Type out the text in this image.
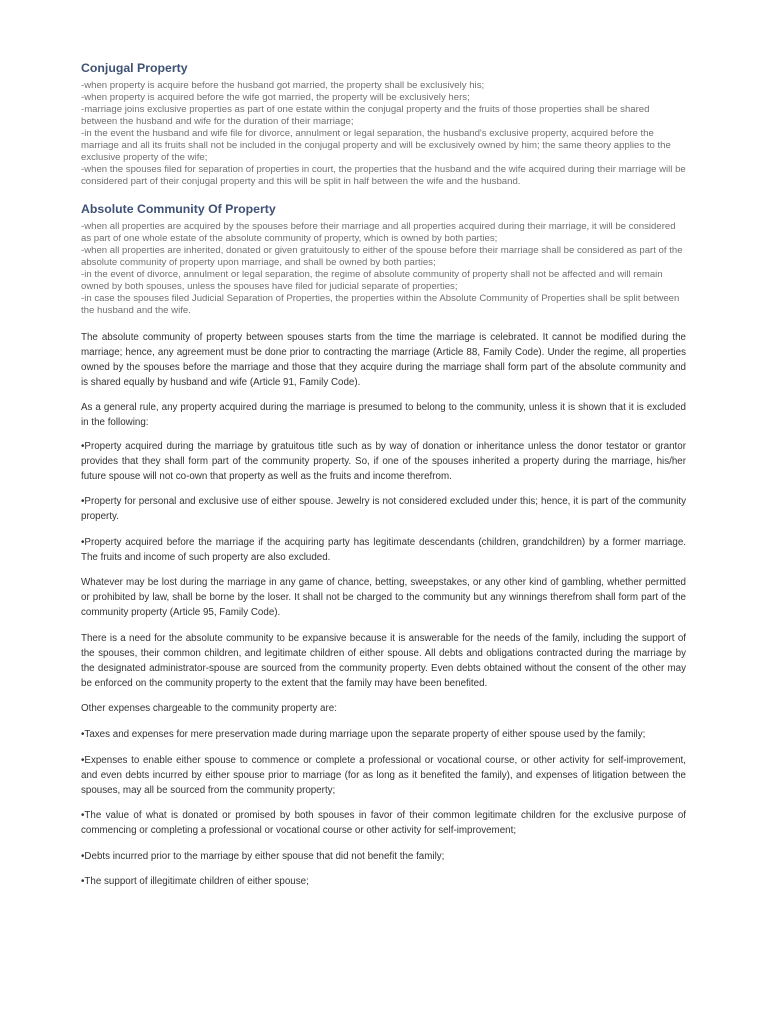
Conjugal Property
-when property is acquire before the husband got married, the property shall be exclusively his;
-when property is acquired before the wife got married, the property will be exclusively hers;
-marriage joins exclusive properties as part of one estate within the conjugal property and the fruits of those properties shall be shared between the husband and wife for the duration of their marriage;
-in the event the husband and wife file for divorce, annulment or legal separation, the husband's exclusive property, acquired before the marriage and all its fruits shall not be included in the conjugal property and will be exclusively owned by him; the same theory applies to the exclusive property of the wife;
-when the spouses filed for separation of properties in court, the properties that the husband and the wife acquired during their marriage will be considered part of their conjugal property and this will be split in half between the wife and the husband.
Absolute Community Of Property
-when all properties are acquired by the spouses before their marriage and all properties acquired during their marriage, it will be considered as part of one whole estate of the absolute community of property, which is owned by both parties;
-when all properties are inherited, donated or given gratuitously to either of the spouse before their marriage shall be considered as part of the absolute community of property upon marriage, and shall be owned by both parties;
-in the event of divorce, annulment or legal separation, the regime of absolute community of property shall not be affected and will remain owned by both spouses, unless the spouses have filed for judicial separate of properties;
-in case the spouses filed Judicial Separation of Properties, the properties within the Absolute Community of Properties shall be split between the husband and the wife.

The absolute community of property between spouses starts from the time the marriage is celebrated. It cannot be modified during the marriage; hence, any agreement must be done prior to contracting the marriage (Article 88, Family Code). Under the regime, all properties owned by the spouses before the marriage and those that they acquire during the marriage shall form part of the absolute community and is shared equally by husband and wife (Article 91, Family Code).

As a general rule, any property acquired during the marriage is presumed to belong to the community, unless it is shown that it is excluded in the following:

•Property acquired during the marriage by gratuitous title such as by way of donation or inheritance unless the donor testator or grantor provides that they shall form part of the community property. So, if one of the spouses inherited a property during the marriage, his/her future spouse will not co-own that property as well as the fruits and income therefrom.

•Property for personal and exclusive use of either spouse. Jewelry is not considered excluded under this; hence, it is part of the community property.

•Property acquired before the marriage if the acquiring party has legitimate descendants (children, grandchildren) by a former marriage. The fruits and income of such property are also excluded.

Whatever may be lost during the marriage in any game of chance, betting, sweepstakes, or any other kind of gambling, whether permitted or prohibited by law, shall be borne by the loser. It shall not be charged to the community but any winnings therefrom shall form part of the community property (Article 95, Family Code).

There is a need for the absolute community to be expansive because it is answerable for the needs of the family, including the support of the spouses, their common children, and legitimate children of either spouse. All debts and obligations contracted during the marriage by the designated administrator-spouse are sourced from the community property. Even debts obtained without the consent of the other may be enforced on the community property to the extent that the family may have been benefited.

Other expenses chargeable to the community property are:

•Taxes and expenses for mere preservation made during marriage upon the separate property of either spouse used by the family;

•Expenses to enable either spouse to commence or complete a professional or vocational course, or other activity for self-improvement, and even debts incurred by either spouse prior to marriage (for as long as it benefited the family), and expenses of litigation between the spouses, may all be sourced from the community property;

•The value of what is donated or promised by both spouses in favor of their common legitimate children for the exclusive purpose of commencing or completing a professional or vocational course or other activity for self-improvement;

•Debts incurred prior to the marriage by either spouse that did not benefit the family;

•The support of illegitimate children of either spouse;
